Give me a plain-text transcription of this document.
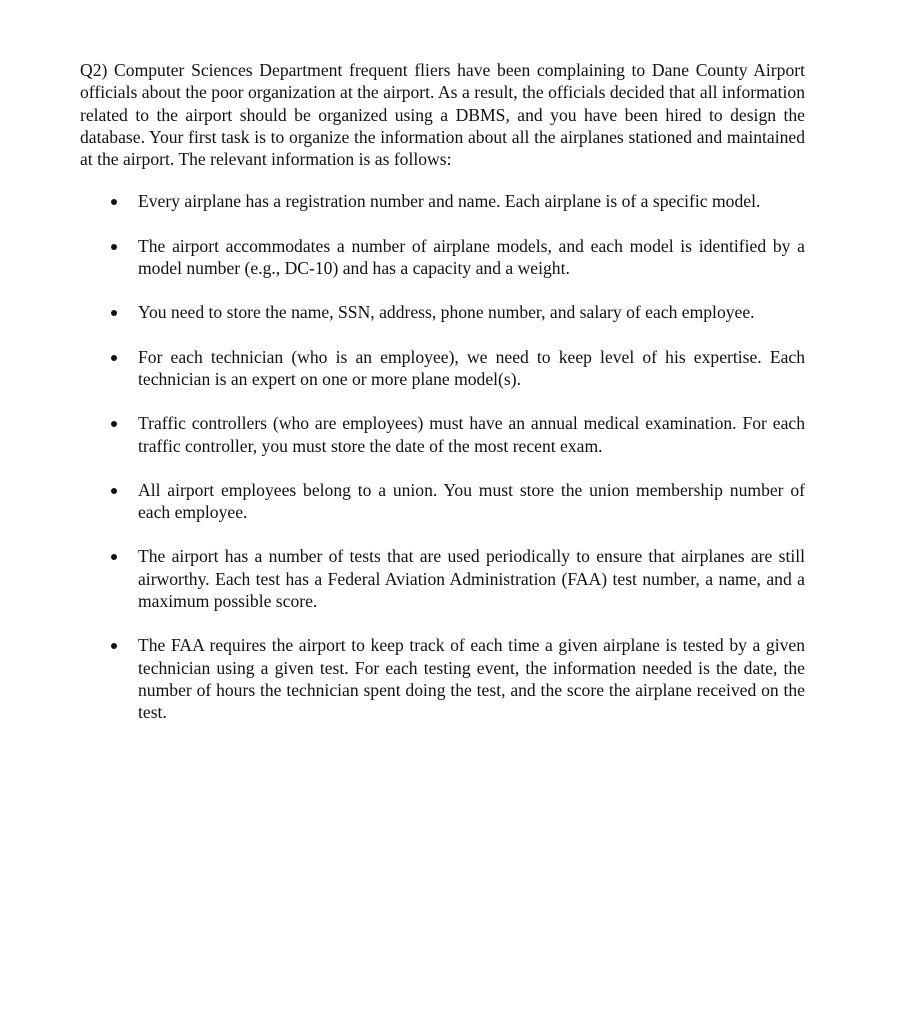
Q2) Computer Sciences Department frequent fliers have been complaining to Dane County Airport officials about the poor organization at the airport. As a result, the officials decided that all information related to the airport should be organized using a DBMS, and you have been hired to design the database. Your first task is to organize the information about all the airplanes stationed and maintained at the airport. The relevant information is as follows:

Every airplane has a registration number and name. Each airplane is of a specific model.
The airport accommodates a number of airplane models, and each model is identified by a model number (e.g., DC-10) and has a capacity and a weight.
You need to store the name, SSN, address, phone number, and salary of each employee.
For each technician (who is an employee), we need to keep level of his expertise. Each technician is an expert on one or more plane model(s).
Traffic controllers (who are employees) must have an annual medical examination. For each traffic controller, you must store the date of the most recent exam.
All airport employees belong to a union. You must store the union membership number of each employee.
The airport has a number of tests that are used periodically to ensure that airplanes are still airworthy. Each test has a Federal Aviation Administration (FAA) test number, a name, and a maximum possible score.
The FAA requires the airport to keep track of each time a given airplane is tested by a given technician using a given test. For each testing event, the information needed is the date, the number of hours the technician spent doing the test, and the score the airplane received on the test.
